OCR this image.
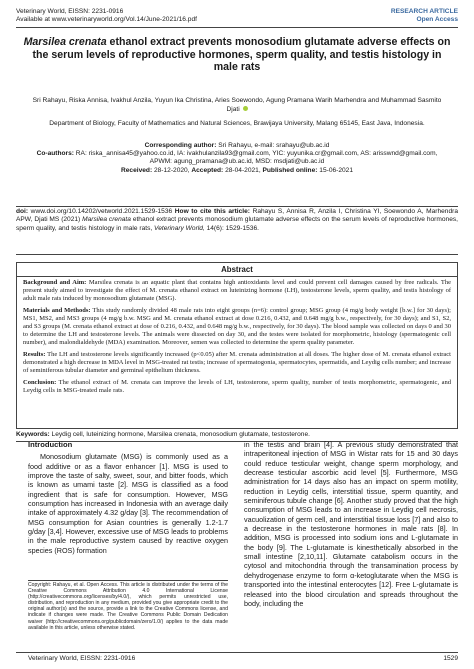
Veterinary World, EISSN: 2231-0916
Available at www.veterinaryworld.org/Vol.14/June-2021/16.pdf
RESEARCH ARTICLE
Open Access
Marsilea crenata ethanol extract prevents monosodium glutamate adverse effects on the serum levels of reproductive hormones, sperm quality, and testis histology in male rats
Sri Rahayu, Riska Annisa, Ivakhul Anzila, Yuyun Ika Christina, Aries Soewondo, Agung Pramana Warih Marhendra and Muhammad Sasmito Djati
Department of Biology, Faculty of Mathematics and Natural Sciences, Brawijaya University, Malang 65145, East Java, Indonesia.
Corresponding author: Sri Rahayu, e-mail: srahayu@ub.ac.id
Co-authors: RA: riska_annisa45@yahoo.co.id, IA: ivakhulanzila93@gmail.com, YIC: yuyunika.cr@gmail.com, AS: arisswnd@gmail.com, APWM: agung_pramana@ub.ac.id, MSD: msdjati@ub.ac.id
Received: 28-12-2020, Accepted: 28-04-2021, Published online: 15-06-2021
doi: www.doi.org/10.14202/vetworld.2021.1529-1536 How to cite this article: Rahayu S, Annisa R, Anzila I, Christina YI, Soewondo A, Marhendra APW, Djati MS (2021) Marsilea crenata ethanol extract prevents monosodium glutamate adverse effects on the serum levels of reproductive hormones, sperm quality, and testis histology in male rats, Veterinary World, 14(6): 1529-1536.
Abstract

Background and Aim: Marsilea crenata is an aquatic plant that contains high antioxidants level and could prevent cell damages caused by free radicals. The present study aimed to investigate the effect of M. crenata ethanol extract on luteinizing hormone (LH), testosterone levels, sperm quality, and testis histology of adult male rats induced by monosodium glutamate (MSG).

Materials and Methods: This study randomly divided 48 male rats into eight groups (n=6): control group; MSG group (4 mg/g body weight [b.w.] for 30 days); MS1, MS2, and MS3 groups (4 mg/g b.w. MSG and M. crenata ethanol extract at dose 0.216, 0.432, and 0.648 mg/g b.w., respectively, for 30 days); and S1, S2, and S3 groups (M. crenata ethanol extract at dose of 0.216, 0.432, and 0.648 mg/g b.w., respectively, for 30 days). The blood sample was collected on days 0 and 30 to determine the LH and testosterone levels. The animals were dissected on day 30, and the testes were isolated for morphometric, histology (spermatogenic cell number), and malondialdehyde (MDA) examination. Moreover, semen was collected to determine the sperm quality parameter.

Results: The LH and testosterone levels significantly increased (p<0.05) after M. crenata administration at all doses. The higher dose of M. crenata ethanol extract demonstrated a high decrease in MDA level in MSG-treated rat testis; increase of spermatogonia, spermatocytes, spermatids, and Leydig cells number; and increase of seminiferous tubular diameter and germinal epithelium thickness.

Conclusion: The ethanol extract of M. crenata can improve the levels of LH, testosterone, sperm quality, number of testis morphometric, spermatogenic, and Leydig cells in MSG-treated male rats.

Keywords: Leydig cell, luteinizing hormone, Marsilea crenata, monosodium glutamate, testosterone.
Introduction

Monosodium glutamate (MSG) is commonly used as a food additive or as a flavor enhancer [1]. MSG is used to improve the taste of salty, sweet, sour, and bitter foods, which is known as umami taste [2]. MSG is classified as a food ingredient that is safe for consumption. However, MSG consumption has increased in Indonesia with an average daily intake of approximately 4.32 g/day [3]. The recommendation of MSG consumption for Asian countries is generally 1.2-1.7 g/day [3,4]. However, excessive use of MSG leads to problems in the male reproductive system caused by reactive oxygen species (ROS) formation

in the testis and brain [4]. A previous study demonstrated that intraperitoneal injection of MSG in Wistar rats for 15 and 30 days could reduce testicular weight, change sperm morphology, and decrease testicular ascorbic acid level [5]. Furthermore, MSG administration for 14 days also has an impact on sperm motility, reduction in Leydig cells, interstitial tissue, sperm quantity, and seminiferous tubule change [6]. Another study proved that the high consumption of MSG leads to an increase in Leydig cell necrosis, vacuolization of germ cell, and interstitial tissue loss [7] and also to a decrease in the testosterone hormones in male rats [8]. In addition, MSG is processed into sodium ions and L-glutamate in the body [9]. The L-glutamate is kinesthetically absorbed in the small intestine [2,10,11]. Glutamate catabolism occurs in the cytosol and mitochondria through the transamination process by dehydrogenase enzyme to form α-ketoglutarate when the MSG is transported into the intestinal enterocytes [12]. Free L-glutamate is released into the blood circulation and spreads throughout the body, including the

Copyright: Rahayu, et al. Open Access. This article is distributed under the terms of the Creative Commons Attribution 4.0 International License (http://creativecommons.org/licenses/by/4.0/), which permits unrestricted use, distribution, and reproduction in any medium, provided you give appropriate credit to the original author(s) and the source, provide a link to the Creative Commons license, and indicate if changes were made. The Creative Commons Public Domain Dedication waiver (http://creativecommons.org/publicdomain/zero/1.0/) applies to the data made available in this article, unless otherwise stated.
Veterinary World, EISSN: 2231-0916	1529
